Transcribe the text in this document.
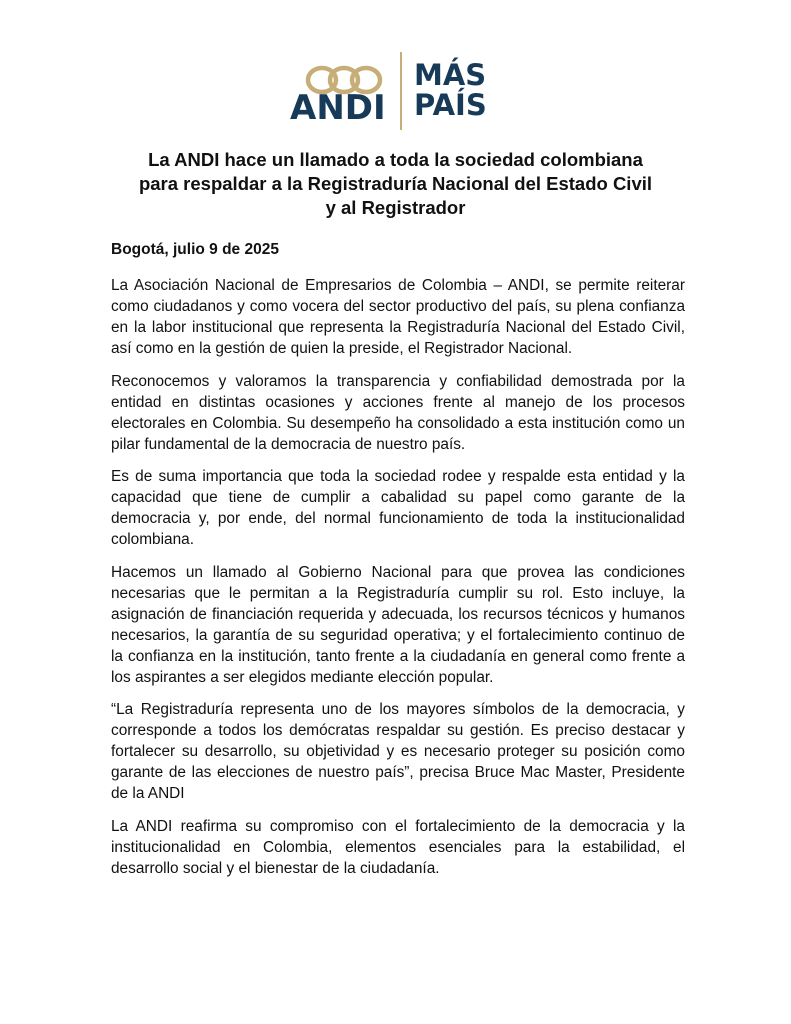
ANDI
MÁS
PAÍS
La ANDI hace un llamado a toda la sociedad colombiana
para respaldar a la Registraduría Nacional del Estado Civil
y al Registrador
Bogotá, julio 9 de 2025

La Asociación Nacional de Empresarios de Colombia – ANDI, se permite reiterar como ciudadanos y como vocera del sector productivo del país, su plena confianza en la labor institucional que representa la Registraduría Nacional del Estado Civil, así como en la gestión de quien la preside, el Registrador Nacional.

Reconocemos y valoramos la transparencia y confiabilidad demostrada por la entidad en distintas ocasiones y acciones frente al manejo de los procesos electorales en Colombia. Su desempeño ha consolidado a esta institución como un pilar fundamental de la democracia de nuestro país.

Es de suma importancia que toda la sociedad rodee y respalde esta entidad y la capacidad que tiene de cumplir a cabalidad su papel como garante de la democracia y, por ende, del normal funcionamiento de toda la institucionalidad colombiana.

Hacemos un llamado al Gobierno Nacional para que provea las condiciones necesarias que le permitan a la Registraduría cumplir su rol. Esto incluye, la asignación de financiación requerida y adecuada, los recursos técnicos y humanos necesarios, la garantía de su seguridad operativa; y el fortalecimiento continuo de la confianza en la institución, tanto frente a la ciudadanía en general como frente a los aspirantes a ser elegidos mediante elección popular.

“La Registraduría representa uno de los mayores símbolos de la democracia, y corresponde a todos los demócratas respaldar su gestión. Es preciso destacar y fortalecer su desarrollo, su objetividad y es necesario proteger su posición como garante de las elecciones de nuestro país”, precisa Bruce Mac Master, Presidente de la ANDI

La ANDI reafirma su compromiso con el fortalecimiento de la democracia y la institucionalidad en Colombia, elementos esenciales para la estabilidad, el desarrollo social y el bienestar de la ciudadanía.
